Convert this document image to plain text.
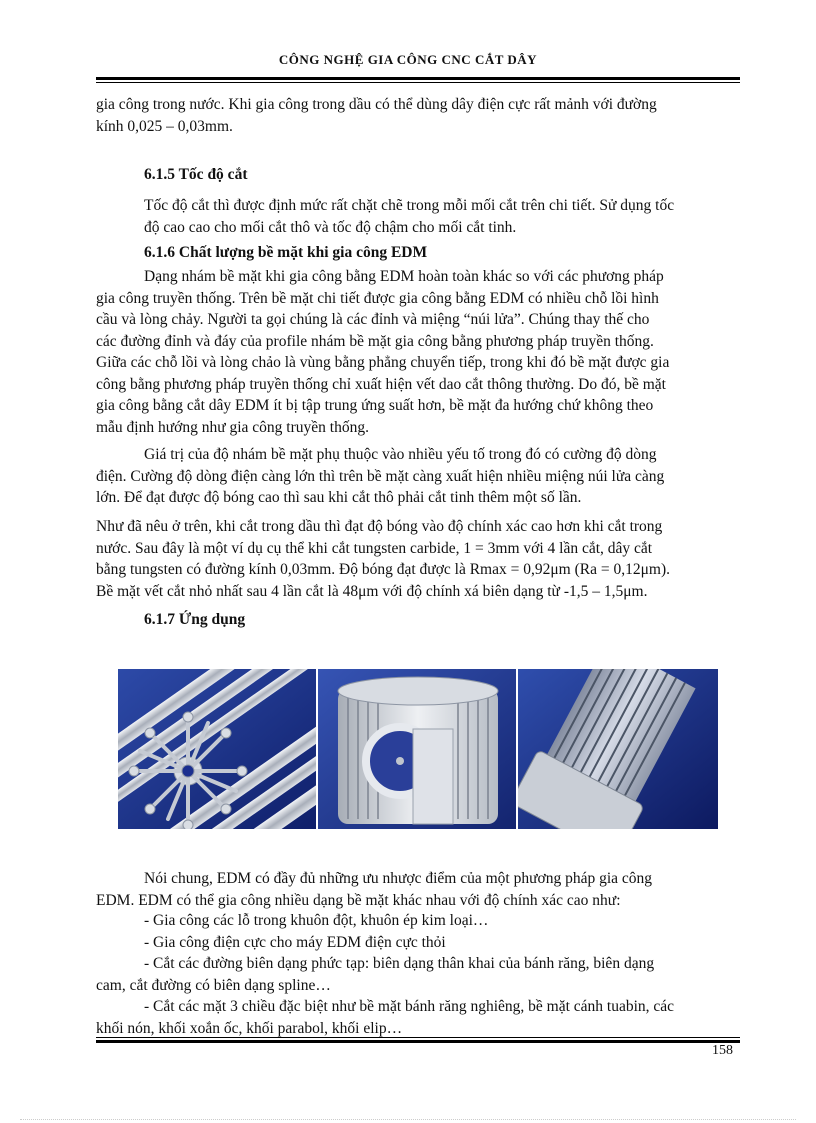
CÔNG NGHỆ GIA CÔNG CNC CẮT DÂY
gia công trong nước. Khi gia công trong dầu có thể dùng dây điện cực rất mảnh với đường
kính 0,025 – 0,03mm.
6.1.5 Tốc độ cắt
Tốc độ cắt thì được định mức rất chặt chẽ trong mỗi mối cắt trên chi tiết. Sử dụng tốc
độ cao cao cho mối cắt thô và tốc độ chậm cho mối cắt tinh.
6.1.6 Chất lượng bề mặt khi gia công EDM
Dạng nhám bề mặt khi gia công bằng EDM hoàn toàn khác so với các phương pháp
gia công truyền thống. Trên bề mặt chi tiết được gia công bằng EDM có nhiều chỗ lồi hình
cầu và lòng chảy. Người ta gọi chúng là các đỉnh và miệng “núi lửa”. Chúng thay thế cho
các đường đỉnh và đáy của profile nhám bề mặt gia công bằng phương pháp truyền thống.
Giữa các chỗ lồi và lòng chảo là vùng bằng phẳng chuyển tiếp, trong khi đó bề mặt được gia
công bằng phương pháp truyền thống chỉ xuất hiện vết dao cắt thông thường. Do đó, bề mặt
gia công bằng cắt dây EDM ít bị tập trung ứng suất hơn, bề mặt đa hướng chứ không theo
mẫu định hướng như gia công truyền thống.
Giá trị của độ nhám bề mặt phụ thuộc vào nhiều yếu tố trong đó có cường độ dòng
điện. Cường độ dòng điện càng lớn thì trên bề mặt càng xuất hiện nhiều miệng núi lửa càng
lớn. Để đạt được độ bóng cao thì sau khi cắt thô phải cắt tinh thêm một số lần.
Như đã nêu ở trên, khi cắt trong dầu thì đạt độ bóng vào độ chính xác cao hơn khi cắt trong
nước. Sau đây là một ví dụ cụ thể khi cắt tungsten carbide, 1 = 3mm với 4 lần cắt, dây cắt
bằng tungsten có đường kính 0,03mm. Độ bóng đạt được là Rmax = 0,92μm (Ra = 0,12μm).
Bề mặt vết cắt nhỏ nhất sau 4 lần cắt là 48μm với độ chính xá biên dạng từ -1,5 – 1,5μm.
6.1.7 Ứng dụng
Nói chung, EDM có đầy đủ những ưu nhược điểm của một phương pháp gia công
EDM. EDM có thể gia công nhiều dạng bề mặt khác nhau với độ chính xác cao như:
- Gia công các lỗ trong khuôn đột, khuôn ép kim loại…
- Gia công điện cực cho máy EDM điện cực thỏi
- Cắt các đường biên dạng phức tạp: biên dạng thân khai của bánh răng, biên dạng
cam, cắt đường có biên dạng spline…
- Cắt các mặt 3 chiều đặc biệt như bề mặt bánh răng nghiêng, bề mặt cánh tuabin, các
khối nón, khối xoắn ốc, khối parabol, khối elip…
158
